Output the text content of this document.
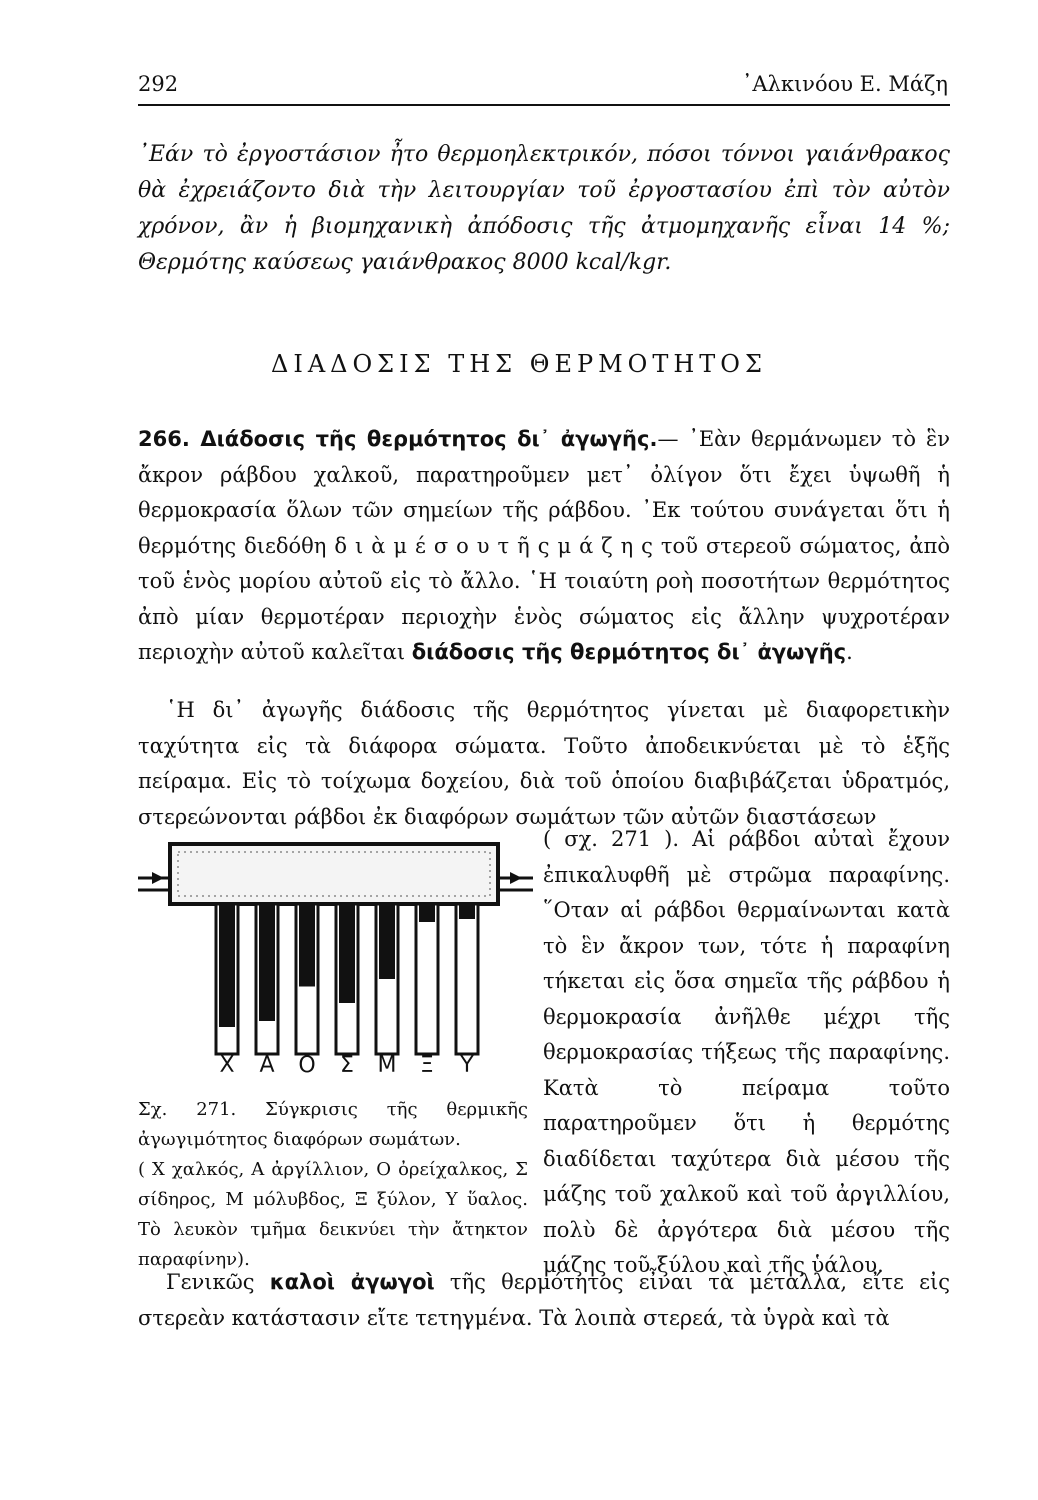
292	᾿Αλκινόου Ε. Μάζη
᾿Εάν τὸ ἐργοστάσιον ἦτο θερμοηλεκτρικόν, πόσοι τόννοι γαιάνθρακος θὰ ἐχρειάζοντο διὰ τὴν λειτουργίαν τοῦ ἐργοστασίου ἐπὶ τὸν αὐτὸν χρόνον, ἂν ἡ βιομηχανικὴ ἀπόδοσις τῆς ἀτμομηχανῆς εἶναι 14 %; Θερμότης καύσεως γαιάνθρακος 8000 kcal/kgr.
ΔΙΑΔΟΣΙΣ ΤΗΣ ΘΕΡΜΟΤΗΤΟΣ
266. Διάδοσις τῆς θερμότητος δι᾿ ἀγωγῆς.— ᾿Εὰν θερμάνωμεν τὸ ἓν ἄκρον ράβδου χαλκοῦ, παρατηροῦμεν μετ᾿ ὀλίγον ὅτι ἔχει ὑψωθῆ ἡ θερμοκρασία ὅλων τῶν σημείων τῆς ράβδου. ᾿Εκ τούτου συνάγεται ὅτι ἡ θερμότης διεδόθη δ ι ὰ μ έ σ ο υ τ ῆ ς μ ά ζ η ς τοῦ στερεοῦ σώματος, ἀπὸ τοῦ ἑνὸς μορίου αὐτοῦ εἰς τὸ ἄλλο. ῾Η τοιαύτη ροὴ ποσοτήτων θερμότητος ἀπὸ μίαν θερμοτέραν περιοχὴν ἑνὸς σώματος εἰς ἄλλην ψυχροτέραν περιοχὴν αὐτοῦ καλεῖται διάδοσις τῆς θερμότητος δι᾿ ἀγωγῆς.
῾Η δι᾿ ἀγωγῆς διάδοσις τῆς θερμότητος γίνεται μὲ διαφορετικὴν ταχύτητα εἰς τὰ διάφορα σώματα. Τοῦτο ἀποδεικνύεται μὲ τὸ ἑξῆς πείραμα. Εἰς τὸ τοίχωμα δοχείου, διὰ τοῦ ὁποίου διαβιβάζεται ὑδρατμός, στερεώνονται ράβδοι ἐκ διαφόρων σωμάτων τῶν αὐτῶν διαστάσεων
Χ	Α	Ο	Σ	Μ	Ξ	Υ
Σχ. 271. Σύγκρισις τῆς θερμικῆς ἀγωγιμότητος διαφόρων σωμάτων.
( Χ χαλκός, Α ἀργίλλιον, Ο ὀρείχαλκος, Σ σίδηρος, Μ μόλυβδος, Ξ ξύλον, Υ ὕαλος. Τὸ λευκὸν τμῆμα δεικνύει τὴν ἄτηκτον παραφίνην).
( σχ. 271 ). Αἱ ράβδοι αὐταὶ ἔχουν ἐπικαλυφθῆ μὲ στρῶμα παραφίνης. ῞Οταν αἱ ράβδοι θερμαίνωνται κατὰ τὸ ἓν ἄκρον των, τότε ἡ παραφίνη τήκεται εἰς ὅσα σημεῖα τῆς ράβδου ἡ θερμοκρασία ἀνῆλθε μέχρι τῆς θερμοκρασίας τήξεως τῆς παραφίνης. Κατὰ τὸ πείραμα τοῦτο παρατηροῦμεν ὅτι ἡ θερμότης διαδίδεται ταχύτερα διὰ μέσου τῆς μάζης τοῦ χαλκοῦ καὶ τοῦ ἀργιλλίου, πολὺ δὲ ἀργότερα διὰ μέσου τῆς μάζης τοῦ ξύλου καὶ τῆς ὑάλου.
Γενικῶς καλοὶ ἀγωγοὶ τῆς θερμότητος εἶναι τὰ μέταλλα, εἴτε εἰς στερεὰν κατάστασιν εἴτε τετηγμένα. Τὰ λοιπὰ στερεά, τὰ ὑγρὰ καὶ τὰ
